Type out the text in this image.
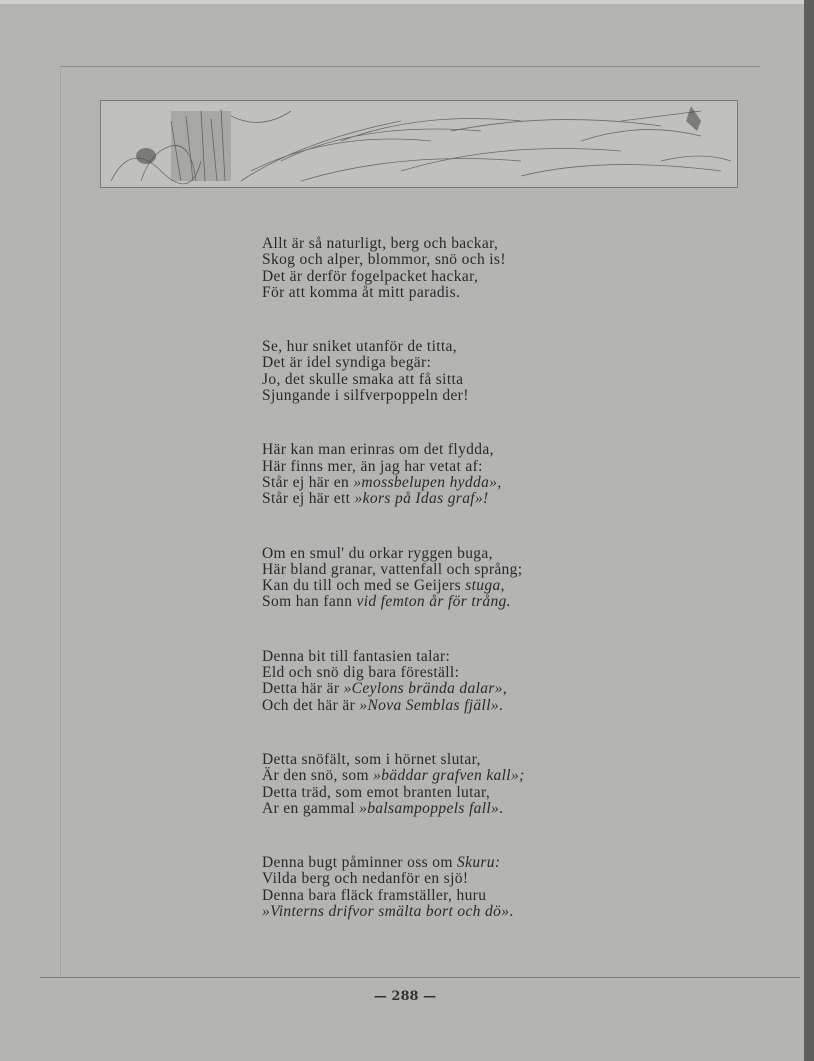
Allt är så naturligt, berg och backar,
Skog och alper, blommor, snö och is!
Det är derför fogelpacket hackar,
För att komma åt mitt paradis.
Se, hur sniket utanför de titta,
Det är idel syndiga begär:
Jo, det skulle smaka att få sitta
Sjungande i silfverpoppeln der!
Här kan man erinras om det flydda,
Här finns mer, än jag har vetat af:
Står ej här en »mossbelupen hydda»,
Står ej här ett »kors på Idas graf»!
Om en smul' du orkar ryggen buga,
Här bland granar, vattenfall och språng;
Kan du till och med se Geijers stuga,
Som han fann vid femton år för trång.
Denna bit till fantasien talar:
Eld och snö dig bara föreställ:
Detta här är »Ceylons brända dalar»,
Och det här är »Nova Semblas fjäll».
Detta snöfält, som i hörnet slutar,
Är den snö, som »bäddar grafven kall»;
Detta träd, som emot branten lutar,
Ar en gammal »balsampoppels fall».
Denna bugt påminner oss om Skuru:
Vilda berg och nedanför en sjö!
Denna bara fläck framställer, huru
»Vinterns drifvor smälta bort och dö».
— 288 —
